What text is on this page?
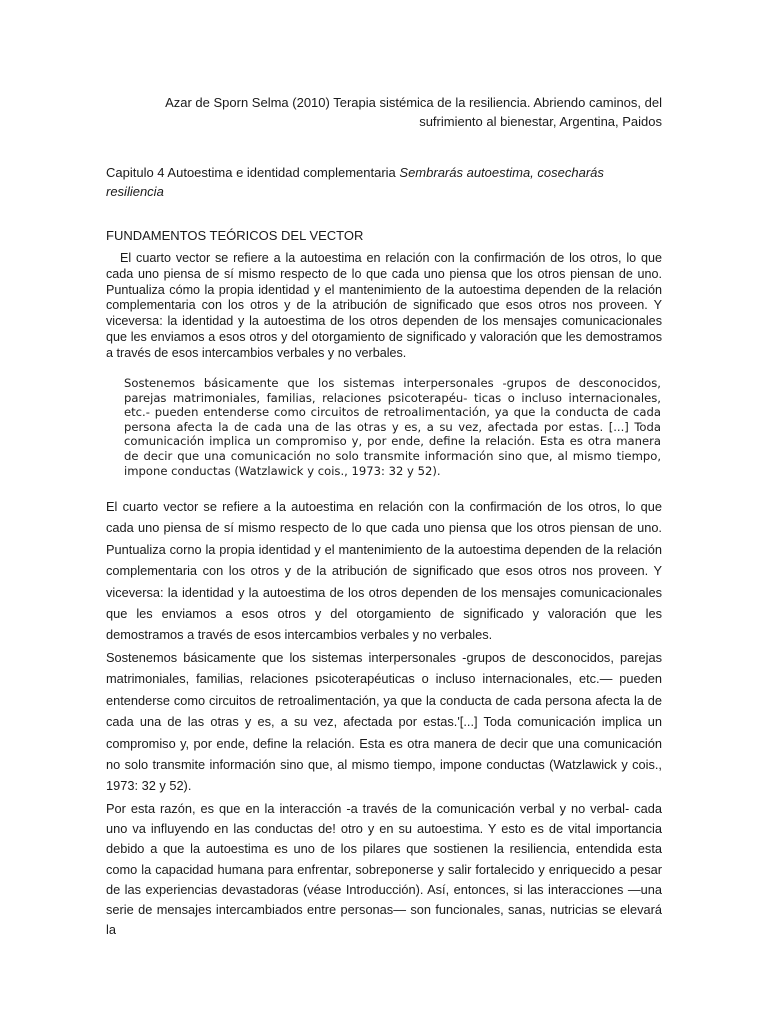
Azar de Sporn Selma (2010) Terapia sistémica de la resiliencia. Abriendo caminos, del sufrimiento al bienestar, Argentina, Paidos
Capitulo 4 Autoestima e identidad complementaria Sembrarás autoestima, cosecharás resiliencia
FUNDAMENTOS TEÓRICOS DEL VECTOR

El cuarto vector se refiere a la autoestima en relación con la confirmación de los otros, lo que cada uno piensa de sí mismo respecto de lo que cada uno piensa que los otros piensan de uno. Puntualiza cómo la propia identidad y el mantenimiento de la autoestima dependen de la relación complementaria con los otros y de la atribución de significado que esos otros nos proveen. Y viceversa: la identidad y la autoestima de los otros dependen de los mensajes comunicacionales que les enviamos a esos otros y del otorgamiento de significado y valoración que les demostramos a través de esos intercambios verbales y no verbales.

Sostenemos básicamente que los sistemas interpersonales -grupos de desconocidos, parejas matrimoniales, familias, relaciones psicoterapéu- ticas o incluso internacionales, etc.- pueden entenderse como circuitos de retroalimentación, ya que la conducta de cada persona afecta la de cada una de las otras y es, a su vez, afectada por estas. [...] Toda comunicación implica un compromiso y, por ende, define la relación. Esta es otra manera de decir que una comunicación no solo transmite información sino que, al mismo tiempo, impone conductas (Watzlawick y cois., 1973: 32 y 52).

El cuarto vector se refiere a la autoestima en relación con la confirmación de los otros, lo que cada uno piensa de sí mismo respecto de lo que cada uno piensa que los otros piensan de uno. Puntualiza corno la propia identidad y el mantenimiento de la autoestima dependen de la relación complementaria con los otros y de la atribución de significado que esos otros nos proveen. Y viceversa: la identidad y la autoestima de los otros dependen de los mensajes comunicacionales que les enviamos a esos otros y del otorgamiento de significado y valoración que les demostramos a través de esos intercambios verbales y no verbales.

Sostenemos básicamente que los sistemas interpersonales -grupos de desconocidos, parejas matrimoniales, familias, relaciones psicoterapéuticas o incluso internacionales, etc.— pueden entenderse como circuitos de retroalimentación, ya que la conducta de cada persona afecta la de cada una de las otras y es, a su vez, afectada por estas.'[...] Toda comunicación implica un compromiso y, por ende, define la relación. Esta es otra manera de decir que una comunicación no solo transmite información sino que, al mismo tiempo, impone conductas (Watzlawick y cois., 1973: 32 y 52).

Por esta razón, es que en la interacción -a través de la comunicación verbal y no verbal- cada uno va influyendo en las conductas de! otro y en su autoestima. Y esto es de vital importancia debido a que la autoestima es uno de los pilares que sostienen la resiliencia, entendida esta como la capacidad humana para enfrentar, sobreponerse y salir fortalecido y enriquecido a pesar de las experiencias devastadoras (véase Introducción). Así, entonces, si las interacciones —una serie de mensajes intercambiados entre personas— son funcionales, sanas, nutricias se elevará la
